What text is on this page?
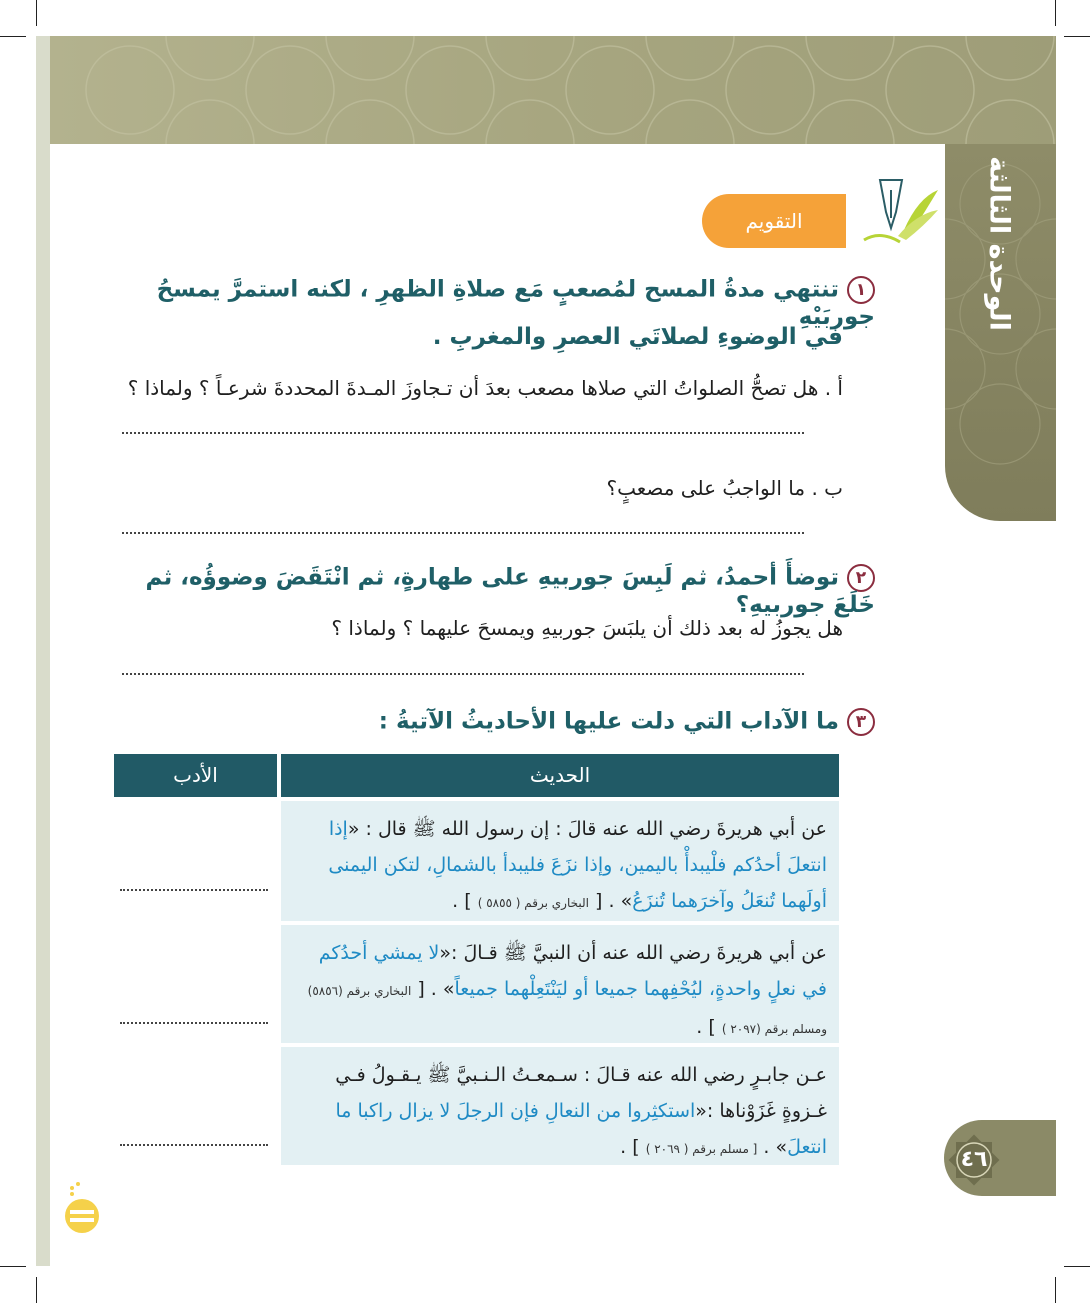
الوحدة الثالثة
التقويم
١تنتهي مدةُ المسح لمُصعبٍ مَع صلاةِ الظهرِ ، لكنه استمرَّ يمسحُ جوربَيْهِ
في الوضوءِ لصلاتَي العصرِ والمغربِ .
أ . هل تصحُّ الصلواتُ التي صلاها مصعب بعدَ أن تـجاوزَ المـدةَ المحددةَ شرعـاً ؟ ولماذا ؟
ب . ما الواجبُ على مصعبٍ؟
٢توضأَ أحمدُ، ثم لَبِسَ جوربيهِ على طهارةٍ، ثم انْتَقَضَ وضوؤُه، ثم خَلَعَ جوربيهِ؟
هل يجوزُ له بعد ذلك أن يلبَسَ جوربيهِ ويمسحَ عليهما ؟ ولماذا ؟
٣ما الآداب التي دلت عليها الأحاديثُ الآتيةُ :
الحديث
الأدب
عن أبي هريرةَ رضي الله عنه قالَ : إن رسول الله ﷺ قال : «إذا انتعلَ أحدُكم فلْيبدأْ باليمين، وإذا نزَعَ فليبدأ بالشمالِ، لتكن اليمنى أولَهما تُنعَلُ وآخرَهما تُنزَعُ» . [ البخاري برقم ( ٥٨٥٥ ) ] .
عن أبي هريرةَ رضي الله عنه أن النبيَّ ﷺ قـالَ :«لا يمشي أحدُكم في نعلٍ واحدةٍ، ليُحْفِهما جميعا أو ليَنْتَعِلْهما جميعاً» . [ البخاري برقم (٥٨٥٦) ومسلم برقم (٢٠٩٧ ) ] .
عـن جابـرٍ رضي الله عنه قـالَ : سـمعـتُ الـنـبيَّ ﷺ يـقـولُ فـي غـزوةٍ غَزَوْناها :«استكثِروا من النعالِ فإن الرجلَ لا يزال راكبا ما انتعلَ» . [ مسلم برقم ( ٢٠٦٩ ) ] .	٤٦
